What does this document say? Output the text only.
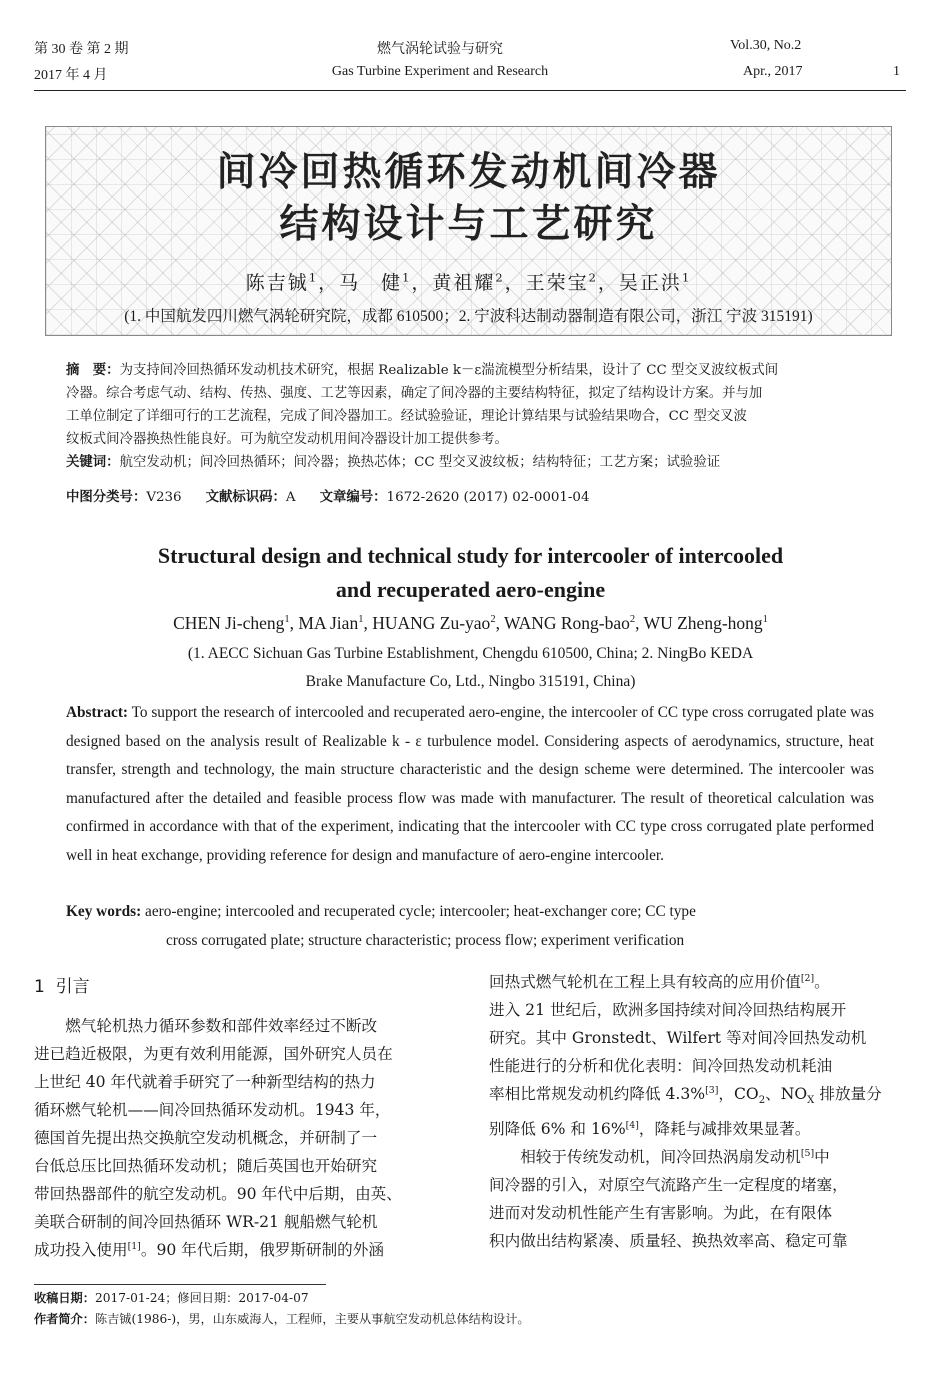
第 30 卷 第 2 期
2017 年 4 月
燃气涡轮试验与研究
Gas Turbine Experiment and Research
Vol.30, No.2
Apr., 2017	1
间冷回热循环发动机间冷器
结构设计与工艺研究
陈吉铖$^1$，马　健$^1$，黄祖耀$^2$，王荣宝$^2$，吴正洪$^1$
(1. 中国航发四川燃气涡轮研究院，成都 610500；2. 宁波科达制动器制造有限公司，浙江 宁波 315191)
摘　要：为支持间冷回热循环发动机技术研究，根据 Realizable k－ε湍流模型分析结果，设计了 CC 型交叉波纹板式间
冷器。综合考虑气动、结构、传热、强度、工艺等因素，确定了间冷器的主要结构特征，拟定了结构设计方案。并与加
工单位制定了详细可行的工艺流程，完成了间冷器加工。经试验验证，理论计算结果与试验结果吻合，CC 型交叉波
纹板式间冷器换热性能良好。可为航空发动机用间冷器设计加工提供参考。
关键词：航空发动机；间冷回热循环；间冷器；换热芯体；CC 型交叉波纹板；结构特征；工艺方案；试验验证
中图分类号：V236 文献标识码：A 文章编号：1672-2620 (2017) 02-0001-04
Structural design and technical study for intercooler of intercooled
and recuperated aero-engine
CHEN Ji-cheng$^1$, MA Jian$^1$, HUANG Zu-yao$^2$, WANG Rong-bao$^2$, WU Zheng-hong$^1$
(1. AECC Sichuan Gas Turbine Establishment, Chengdu 610500, China; 2. NingBo KEDA
Brake Manufacture Co, Ltd., Ningbo 315191, China)
Abstract: To support the research of intercooled and recuperated aero-engine, the intercooler of CC type cross corrugated plate was designed based on the analysis result of Realizable k - ε turbulence model. Considering aspects of aerodynamics, structure, heat transfer, strength and technology, the main structure characteristic and the design scheme were determined. The intercooler was manufactured after the detailed and feasible process flow was made with manufacturer. The result of theoretical calculation was confirmed in accordance with that of the experiment, indicating that the intercooler with CC type cross corrugated plate performed well in heat exchange, providing reference for design and manufacture of aero-engine intercooler.
Key words: aero-engine; intercooled and recuperated cycle; intercooler; heat-exchanger core; CC type
cross corrugated plate; structure characteristic; process flow; experiment verification
1 引言
燃气轮机热力循环参数和部件效率经过不断改
进已趋近极限，为更有效利用能源，国外研究人员在
上世纪 40 年代就着手研究了一种新型结构的热力
循环燃气轮机——间冷回热循环发动机。1943 年，
德国首先提出热交换航空发动机概念，并研制了一
台低总压比回热循环发动机；随后英国也开始研究
带回热器部件的航空发动机。90 年代中后期，由英、
美联合研制的间冷回热循环 WR-21 舰船燃气轮机
成功投入使用[1]。90 年代后期，俄罗斯研制的外涵
回热式燃气轮机在工程上具有较高的应用价值[2]。
进入 21 世纪后，欧洲多国持续对间冷回热结构展开
研究。其中 Gronstedt、Wilfert 等对间冷回热发动机
性能进行的分析和优化表明：间冷回热发动机耗油
率相比常规发动机约降低 4.3%[3]，$CO_2$、$NO_X$ 排放量分
别降低 6% 和 16%[4]，降耗与减排效果显著。
相较于传统发动机，间冷回热涡扇发动机[5]中
间冷器的引入，对原空气流路产生一定程度的堵塞，
进而对发动机性能产生有害影响。为此，在有限体
积内做出结构紧凑、质量轻、换热效率高、稳定可靠
收稿日期：2017-01-24；修回日期：2017-04-07
作者简介：陈吉铖(1986-)，男，山东威海人，工程师，主要从事航空发动机总体结构设计。
